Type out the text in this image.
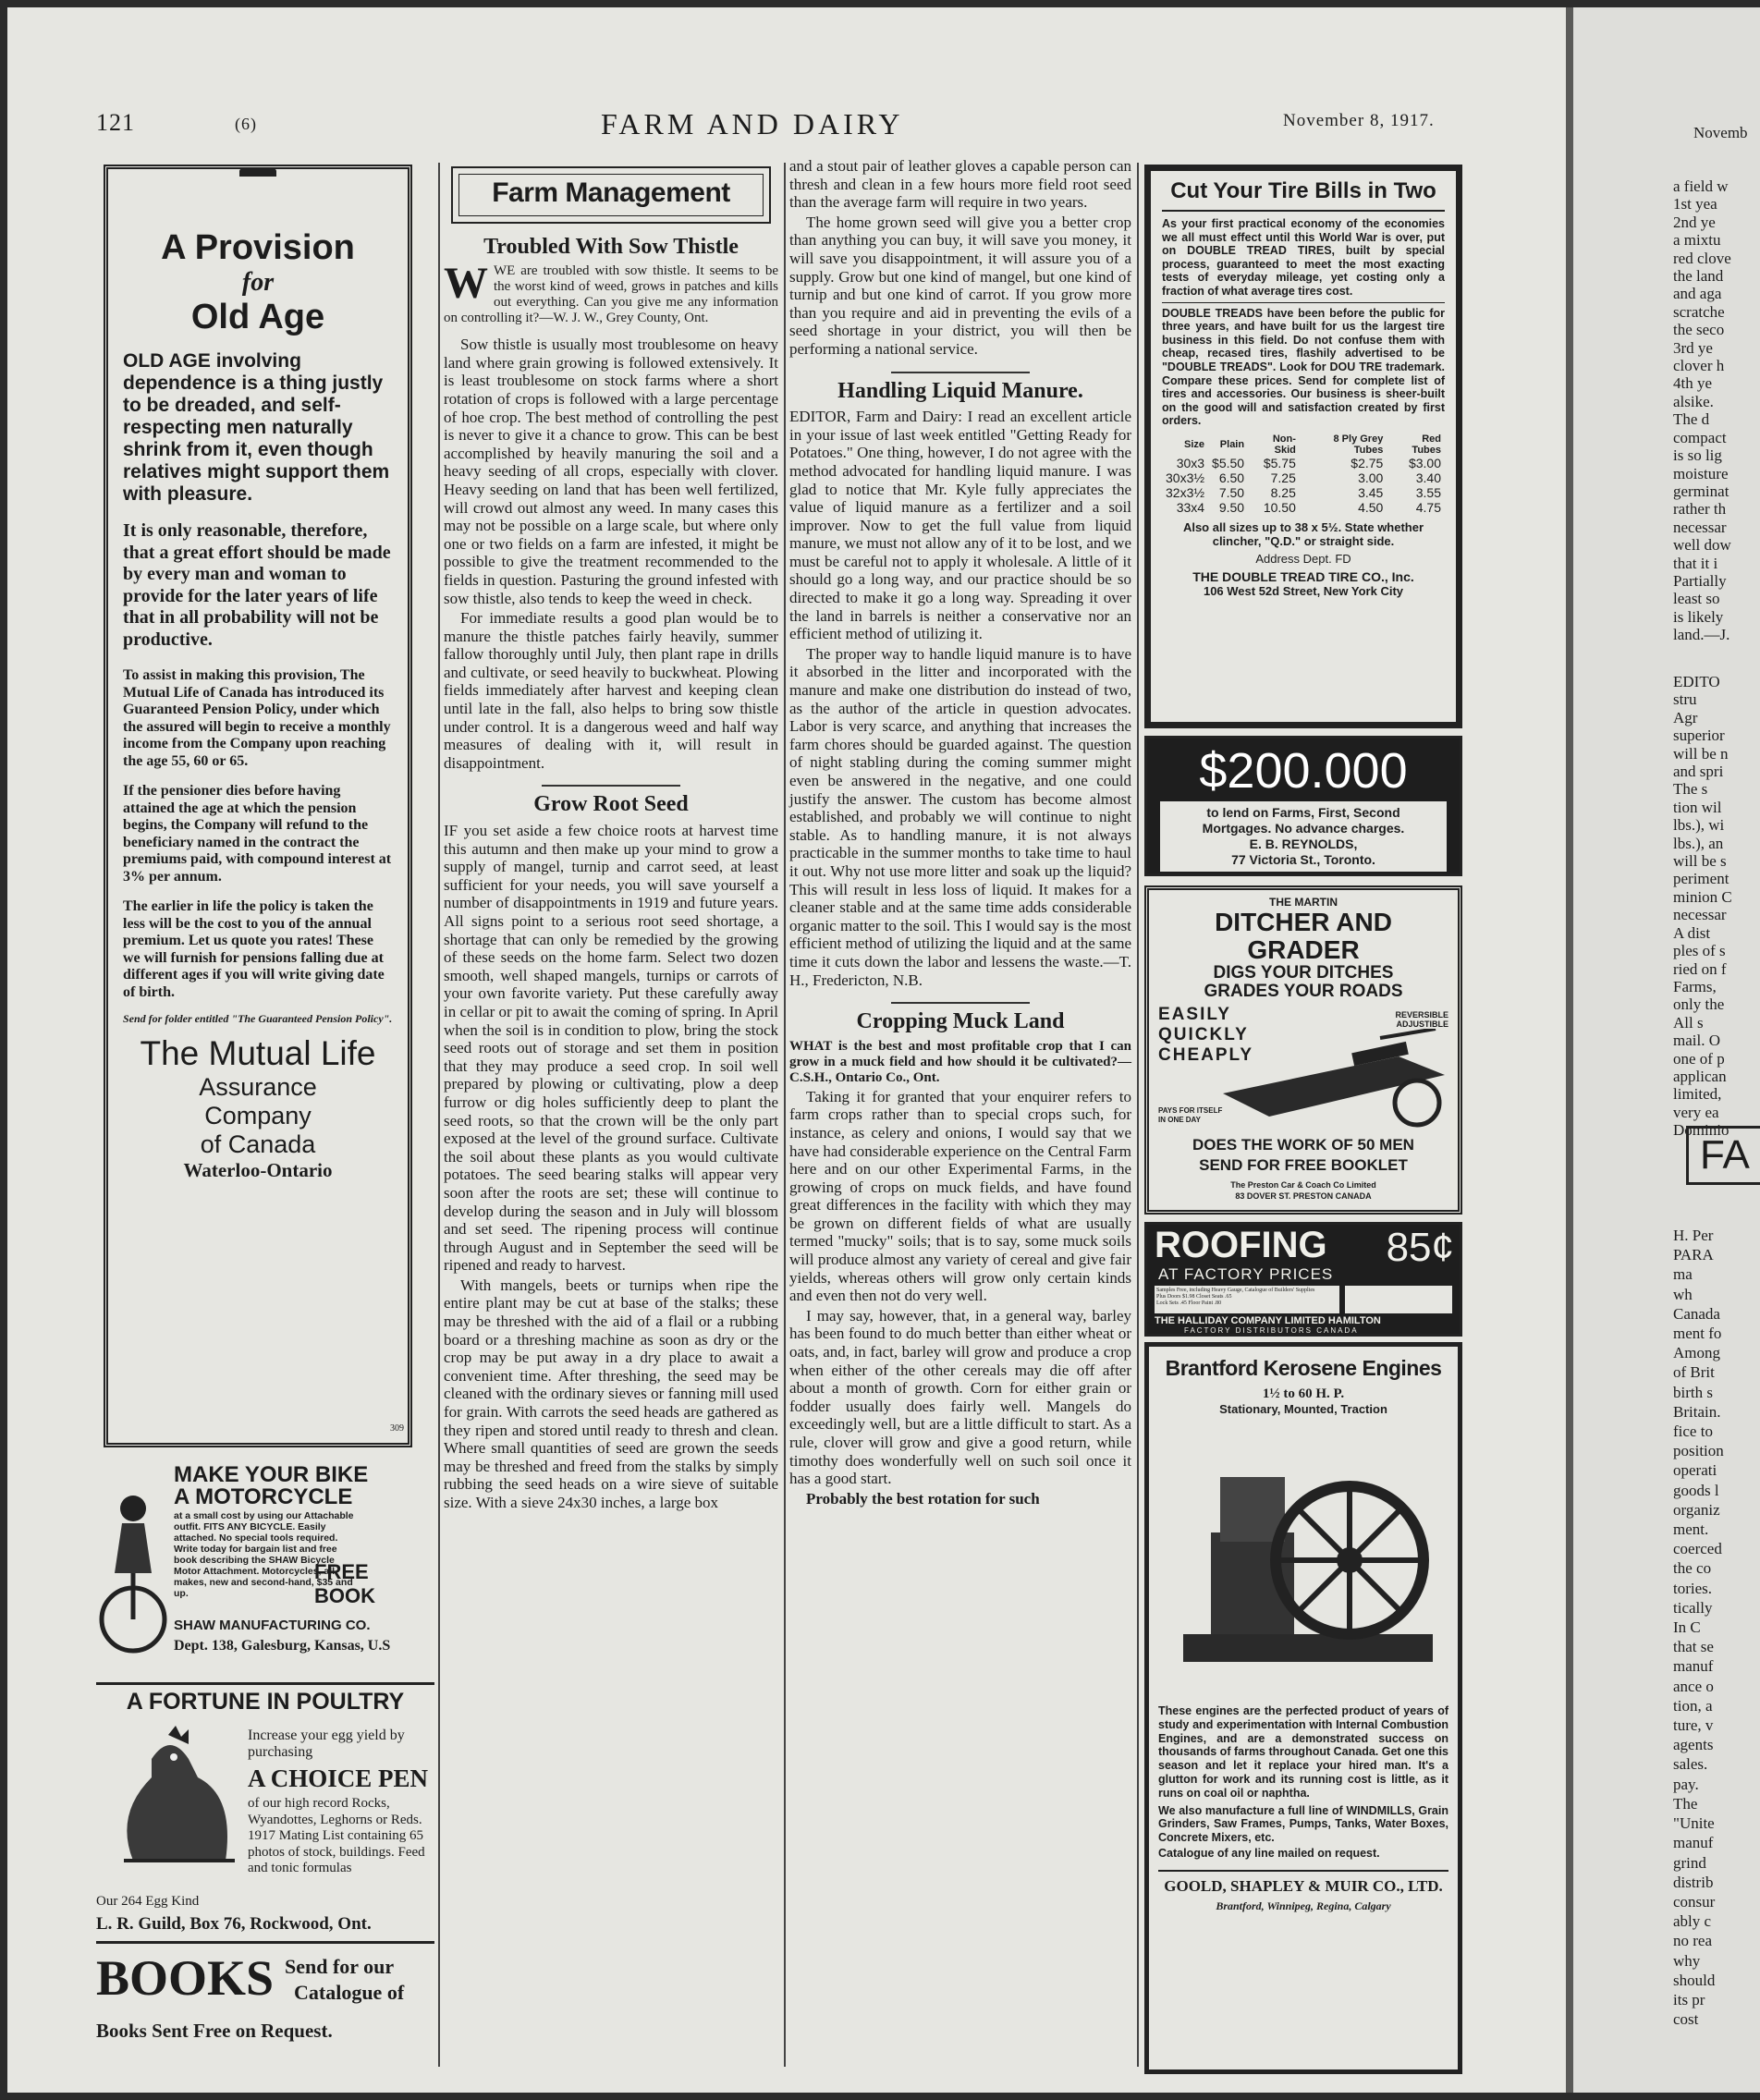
Novemb
a field w
1st yea
2nd ye
a mixtu
red clove
the land
and aga
scratche
the seco
3rd ye
clover h
4th ye
alsike.
The d
compact
is so lig
moisture
germinat
rather th
necessar
well dow
that it i
Partially
least so
is likely
land.—J.
EDITO
stru
Agr
superior
will be n
and spri
The s
tion wil
lbs.), wi
lbs.), an
will be s
periment
minion C
necessar
A dist
ples of s
ried on f
Farms,
only the
All s
mail. O
one of p
applican
limited,
very ea
Dominio
FA
H. Per
PARA
ma
wh
Canada
ment fo
Among
of Brit
birth s
Britain.
fice to
position
operati
goods l
organiz
ment.
coerced
the co
tories.
tically
In C
that se
manuf
ance o
tion, a
ture, v
agents
sales.
pay.
The
"Unite
manuf
grind
distrib
consur
ably c
no rea
why
should
its pr
cost
121	(6)	FARM AND DAIRY	November 8, 1917.
A Provision
for
Old Age

OLD AGE involving dependence is a thing justly to be dreaded, and self-respecting men naturally shrink from it, even though relatives might support them with pleasure.

It is only reasonable, therefore, that a great effort should be made by every man and woman to provide for the later years of life that in all probability will not be productive.

To assist in making this provision, The Mutual Life of Canada has introduced its Guaranteed Pension Policy, under which the assured will begin to receive a monthly income from the Company upon reaching the age 55, 60 or 65.

If the pensioner dies before having attained the age at which the pension begins, the Company will refund to the beneficiary named in the contract the premiums paid, with compound interest at 3% per annum.

The earlier in life the policy is taken the less will be the cost to you of the annual premium. Let us quote you rates! These we will furnish for pensions falling due at different ages if you will write giving date of birth.

Send for folder entitled "The Guaranteed Pension Policy".

The Mutual Life
Assurance
Company
of Canada
Waterloo-Ontario
309
MAKE YOUR BIKE
A MOTORCYCLE
at a small cost by using our Attachable outfit. FITS ANY BICYCLE. Easily attached. No special tools required. Write today for bargain list and free book describing the SHAW Bicycle Motor Attachment. Motorcycles, all makes, new and second-hand, $35 and up.
FREE BOOK
SHAW MANUFACTURING CO.
Dept. 138, Galesburg, Kansas, U.S
A FORTUNE IN POULTRY
Increase your egg yield by purchasing
A CHOICE PEN
of our high record Rocks, Wyandottes, Leghorns or Reds. 1917 Mating List containing 65 photos of stock, buildings. Feed and tonic formulas
Our 264 Egg Kind
L. R. Guild, Box 76, Rockwood, Ont.
BOOKS Send for our
Catalogue of
Books Sent Free on Request.
Farm Management
Troubled With Sow Thistle

WWE are troubled with sow thistle. It seems to be the worst kind of weed, grows in patches and kills out everything. Can you give me any information on controlling it?—W. J. W., Grey County, Ont.

Sow thistle is usually most troublesome on heavy land where grain growing is followed extensively. It is least troublesome on stock farms where a short rotation of crops is followed with a large percentage of hoe crop. The best method of controlling the pest is never to give it a chance to grow. This can be best accomplished by heavily manuring the soil and a heavy seeding of all crops, especially with clover. Heavy seeding on land that has been well fertilized, will crowd out almost any weed. In many cases this may not be possible on a large scale, but where only one or two fields on a farm are infested, it might be possible to give the treatment recommended to the fields in question. Pasturing the ground infested with sow thistle, also tends to keep the weed in check.

For immediate results a good plan would be to manure the thistle patches fairly heavily, summer fallow thoroughly until July, then plant rape in drills and cultivate, or seed heavily to buckwheat. Plowing fields immediately after harvest and keeping clean until late in the fall, also helps to bring sow thistle under control. It is a dangerous weed and half way measures of dealing with it, will result in disappointment.

Grow Root Seed

IF you set aside a few choice roots at harvest time this autumn and then make up your mind to grow a supply of mangel, turnip and carrot seed, at least sufficient for your needs, you will save yourself a number of disappointments in 1919 and future years. All signs point to a serious root seed shortage, a shortage that can only be remedied by the growing of these seeds on the home farm. Select two dozen smooth, well shaped mangels, turnips or carrots of your own favorite variety. Put these carefully away in cellar or pit to await the coming of spring. In April when the soil is in condition to plow, bring the stock seed roots out of storage and set them in position that they may produce a seed crop. In soil well prepared by plowing or cultivating, plow a deep furrow or dig holes sufficiently deep to plant the seed roots, so that the crown will be the only part exposed at the level of the ground surface. Cultivate the soil about these plants as you would cultivate potatoes. The seed bearing stalks will appear very soon after the roots are set; these will continue to develop during the season and in July will blossom and set seed. The ripening process will continue through August and in September the seed will be ripened and ready to harvest.

With mangels, beets or turnips when ripe the entire plant may be cut at base of the stalks; these may be threshed with the aid of a flail or a rubbing board or a threshing machine as soon as dry or the crop may be put away in a dry place to await a convenient time. After threshing, the seed may be cleaned with the ordinary sieves or fanning mill used for grain. With carrots the seed heads are gathered as they ripen and stored until ready to thresh and clean. Where small quantities of seed are grown the seeds may be threshed and freed from the stalks by simply rubbing the seed heads on a wire sieve of suitable size. With a sieve 24x30 inches, a large box

and a stout pair of leather gloves a capable person can thresh and clean in a few hours more field root seed than the average farm will require in two years.

The home grown seed will give you a better crop than anything you can buy, it will save you money, it will save you disappointment, it will assure you of a supply. Grow but one kind of mangel, but one kind of turnip and but one kind of carrot. If you grow more than you require and aid in preventing the evils of a seed shortage in your district, you will then be performing a national service.

Handling Liquid Manure.

EDITOR, Farm and Dairy: I read an excellent article in your issue of last week entitled "Getting Ready for Potatoes." One thing, however, I do not agree with the method advocated for handling liquid manure. I was glad to notice that Mr. Kyle fully appreciates the value of liquid manure as a fertilizer and a soil improver. Now to get the full value from liquid manure, we must not allow any of it to be lost, and we must be careful not to apply it wholesale. A little of it should go a long way, and our practice should be so directed to make it go a long way. Spreading it over the land in barrels is neither a conservative nor an efficient method of utilizing it.

The proper way to handle liquid manure is to have it absorbed in the litter and incorporated with the manure and make one distribution do instead of two, as the author of the article in question advocates. Labor is very scarce, and anything that increases the farm chores should be guarded against. The question of night stabling during the coming summer might even be answered in the negative, and one could justify the answer. The custom has become almost established, and probably we will continue to night stable. As to handling manure, it is not always practicable in the summer months to take time to haul it out. Why not use more litter and soak up the liquid? This will result in less loss of liquid. It makes for a cleaner stable and at the same time adds considerable organic matter to the soil. This I would say is the most efficient method of utilizing the liquid and at the same time it cuts down the labor and lessens the waste.—T. H., Fredericton, N.B.

Cropping Muck Land

WHAT is the best and most profitable crop that I can grow in a muck field and how should it be cultivated?—C.S.H., Ontario Co., Ont.

Taking it for granted that your enquirer refers to farm crops rather than to special crops such, for instance, as celery and onions, I would say that we have had considerable experience on the Central Farm here and on our other Experimental Farms, in the growing of crops on muck fields, and have found great differences in the facility with which they may be grown on different fields of what are usually termed "mucky" soils; that is to say, some muck soils will produce almost any variety of cereal and give fair yields, whereas others will grow only certain kinds and even then not do very well.

I may say, however, that, in a general way, barley has been found to do much better than either wheat or oats, and, in fact, barley will grow and produce a crop when either of the other cereals may die off after about a month of growth. Corn for either grain or fodder usually does fairly well. Mangels do exceedingly well, but are a little difficult to start. As a rule, clover will grow and give a good return, while timothy does wonderfully well on such soil once it has a good start.

Probably the best rotation for such

Cut Your Tire Bills in Two

As your first practical economy of the economies we all must effect until this World War is over, put on DOUBLE TREAD TIRES, built by special process, guaranteed to meet the most exacting tests of everyday mileage, yet costing only a fraction of what average tires cost.

DOUBLE TREADS have been before the public for three years, and have built for us the largest tire business in this field. Do not confuse them with cheap, recased tires, flashily advertised to be "DOUBLE TREADS". Look for DOU TRE trademark. Compare these prices. Send for complete list of tires and accessories. Our business is sheer-built on the good will and satisfaction created by first orders.

Size	Plain	Non-Skid	8 Ply Grey Tubes	Red Tubes
30x3	$5.50	$5.75	$2.75	$3.00
30x3½	6.50	7.25	3.00	3.40
32x3½	7.50	8.25	3.45	3.55
33x4	9.50	10.50	4.50	4.75

Also all sizes up to 38 x 5½. State whether clincher, "Q.D." or straight side.

Address Dept. FD
THE DOUBLE TREAD TIRE CO., Inc.
106 West 52d Street, New York City
$200.000
to lend on Farms, First, Second
Mortgages. No advance charges.
E. B. REYNOLDS,
77 Victoria St., Toronto.
THE MARTIN
DITCHER AND GRADER
DIGS YOUR DITCHES
GRADES YOUR ROADS
EASILY
QUICKLY
CHEAPLY
REVERSIBLE ADJUSTIBLE
PAYS FOR ITSELF IN ONE DAY
DOES THE WORK OF 50 MEN
SEND FOR FREE BOOKLET
The Preston Car & Coach Co Limited
83 DOVER ST. PRESTON CANADA
ROOFING 85¢
AT FACTORY PRICES
Samples Free, including Heavy Gauge, Catalogue of Builders' Supplies
Plus Doors $1.98 Closet Seats .65
Lock Sets .45 Floor Paint .80
THE HALLIDAY COMPANY LIMITED HAMILTON
FACTORY DISTRIBUTORS CANADA
Brantford Kerosene Engines
1½ to 60 H. P.
Stationary, Mounted, Traction

These engines are the perfected product of years of study and experimentation with Internal Combustion Engines, and are a demonstrated success on thousands of farms throughout Canada. Get one this season and let it replace your hired man. It's a glutton for work and its running cost is little, as it runs on coal oil or naphtha.

We also manufacture a full line of WINDMILLS, Grain Grinders, Saw Frames, Pumps, Tanks, Water Boxes, Concrete Mixers, etc.

Catalogue of any line mailed on request.

GOOLD, SHAPLEY & MUIR CO., LTD.
Brantford, Winnipeg, Regina, Calgary
